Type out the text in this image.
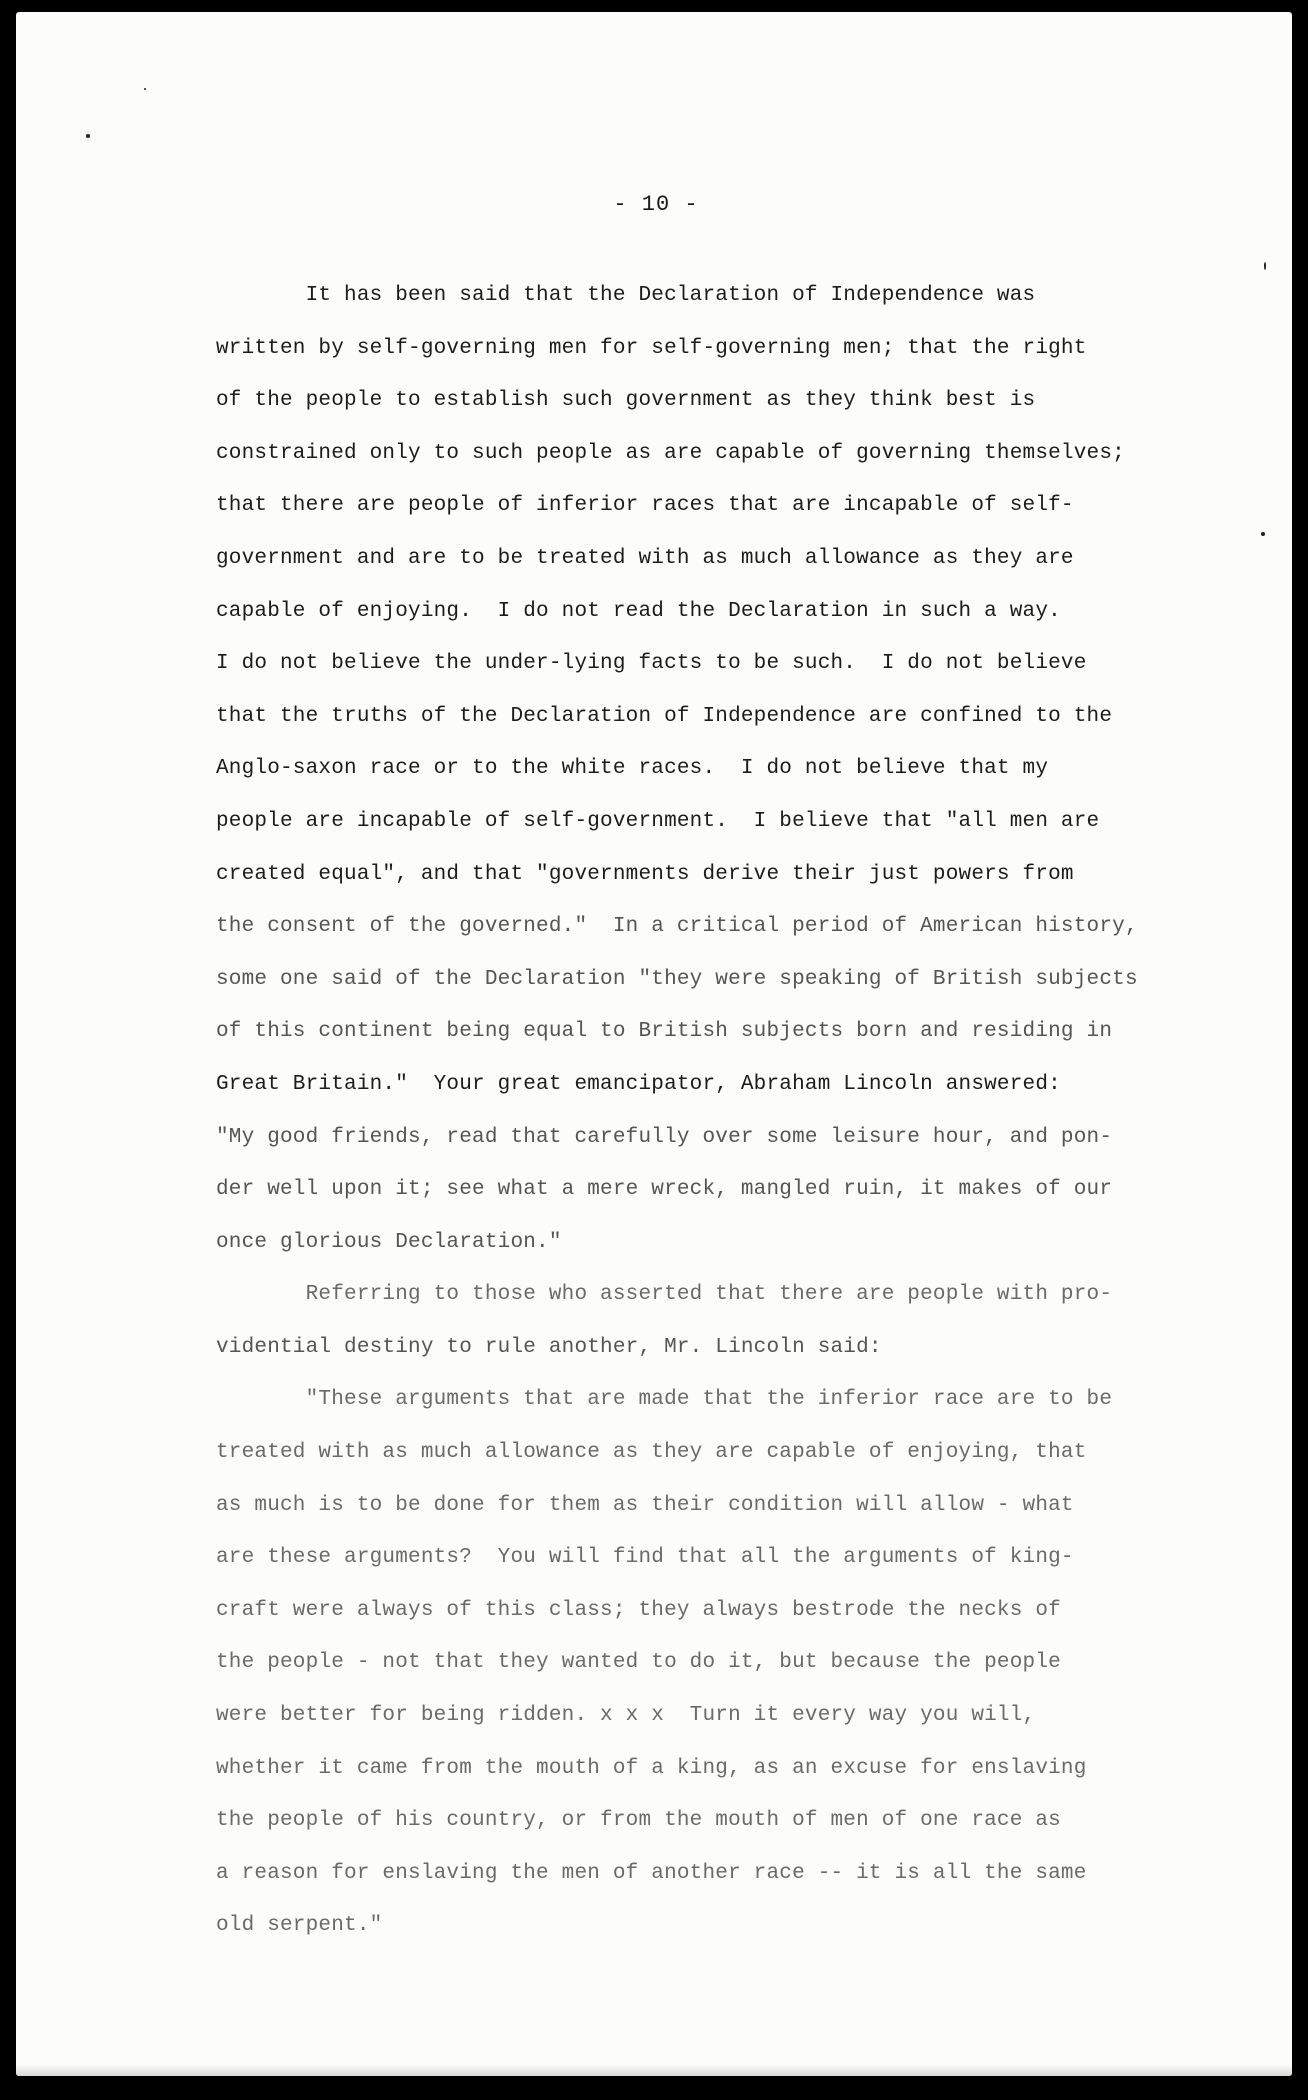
- 10 -
It has been said that the Declaration of Independence was
written by self-governing men for self-governing men; that the right
of the people to establish such government as they think best is
constrained only to such people as are capable of governing themselves;
that there are people of inferior races that are incapable of self-
government and are to be treated with as much allowance as they are
capable of enjoying.  I do not read the Declaration in such a way.
I do not believe the under-lying facts to be such.  I do not believe
that the truths of the Declaration of Independence are confined to the
Anglo-saxon race or to the white races.  I do not believe that my
people are incapable of self-government.  I believe that "all men are
created equal", and that "governments derive their just powers from
the consent of the governed."  In a critical period of American history,
some one said of the Declaration "they were speaking of British subjects
of this continent being equal to British subjects born and residing in
Great Britain."  Your great emancipator, Abraham Lincoln answered:
"My good friends, read that carefully over some leisure hour, and pon-
der well upon it; see what a mere wreck, mangled ruin, it makes of our
once glorious Declaration."
Referring to those who asserted that there are people with pro-
vidential destiny to rule another, Mr. Lincoln said:
"These arguments that are made that the inferior race are to be
treated with as much allowance as they are capable of enjoying, that
as much is to be done for them as their condition will allow - what
are these arguments?  You will find that all the arguments of king-
craft were always of this class; they always bestrode the necks of
the people - not that they wanted to do it, but because the people
were better for being ridden. x x x  Turn it every way you will,
whether it came from the mouth of a king, as an excuse for enslaving
the people of his country, or from the mouth of men of one race as
a reason for enslaving the men of another race -- it is all the same
old serpent."
